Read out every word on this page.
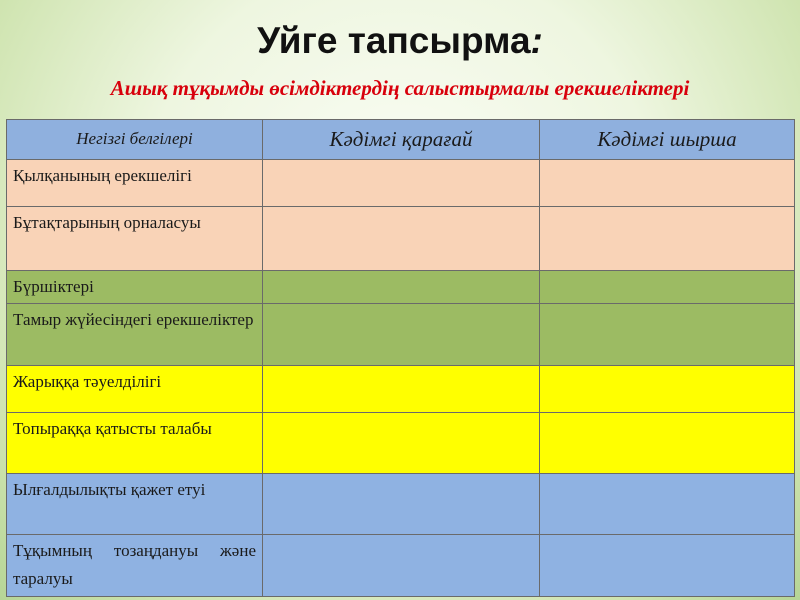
Уйге тапсырма:
Ашық тұқымды өсімдіктердің салыстырмалы ерекшеліктері
Негізгі белгілері	Кәдімгі қарағай	Кәдімгі шырша
Қылқанының ерекшелігі		
Бұтақтарының орналасуы		
Бүршіктері		
Тамыр жүйесіндегі ерекшеліктер		
Жарыққа тәуелділігі		
Топыраққа қатысты талабы		
Ылғалдылықты қажет етуі		
Тұқымның тозаңдануы және таралуы		
